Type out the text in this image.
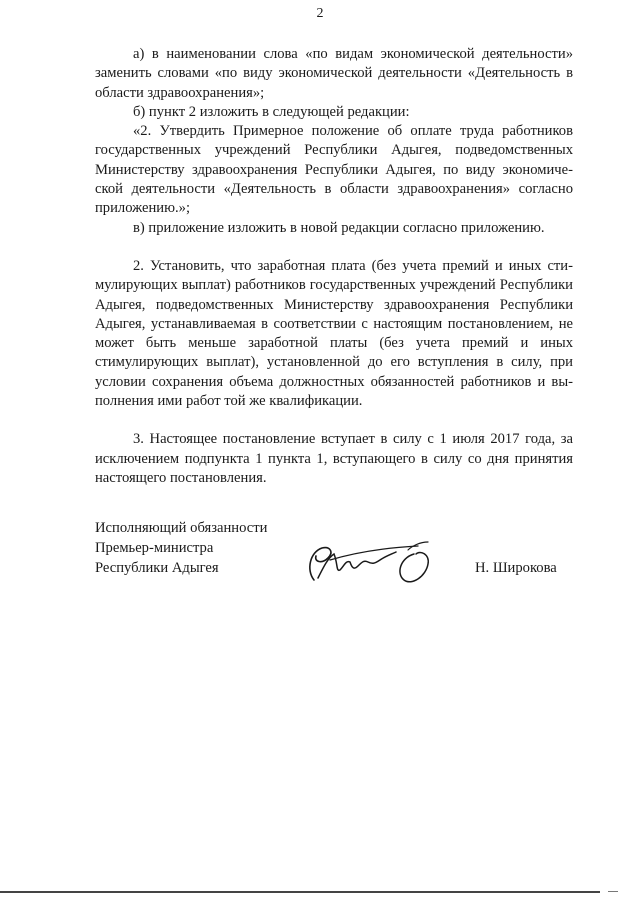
2

а) в наименовании слова «по видам экономической деятельности» заменить словами «по виду экономической деятельности «Деятельность в области здравоохранения»;

б) пункт 2 изложить в следующей редакции:

«2. Утвердить Примерное положение об оплате труда работников государственных учреждений Республики Адыгея, подведомственных Министерству здравоохранения Республики Адыгея, по виду экономической деятельности «Деятельность в области здравоохранения» согласно приложению.»;

в) приложение изложить в новой редакции согласно приложению.

2. Установить, что заработная плата (без учета премий и иных стимулирующих выплат) работников государственных учреждений Республики Адыгея, подведомственных Министерству здравоохранения Республики Адыгея, устанавливаемая в соответствии с настоящим постановлением, не может быть меньше заработной платы (без учета премий и иных стимулирующих выплат), установленной до его вступления в силу, при условии сохранения объема должностных обязанностей работников и выполнения ими работ той же квалификации.

3. Настоящее постановление вступает в силу с 1 июля 2017 года, за исключением подпункта 1 пункта 1, вступающего в силу со дня принятия настоящего постановления.

Исполняющий обязанности
Премьер-министра
Республики Адыгея	Н. Широкова
